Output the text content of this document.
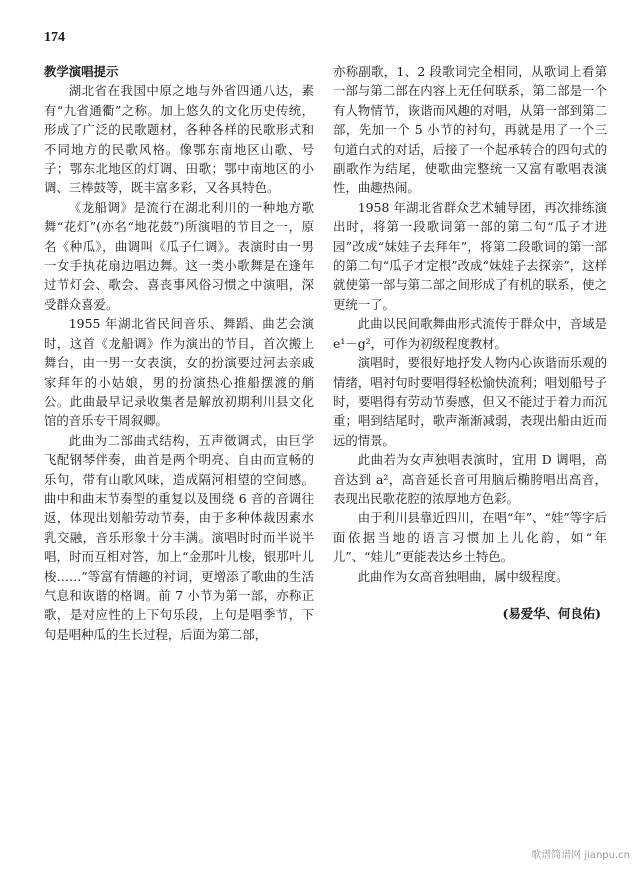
174

教学演唱提示

湖北省在我国中原之地与外省四通八达，素有“九省通衢”之称。加上悠久的文化历史传统，形成了广泛的民歌题材，各种各样的民歌形式和不同地方的民歌风格。像鄂东南地区山歌、号子；鄂东北地区的灯调、田歌；鄂中南地区的小调、三棒鼓等，既丰富多彩，又各具特色。

《龙船调》是流行在湖北利川的一种地方歌舞“花灯”(亦名“地花鼓”)所演唱的节目之一，原名《种瓜》，曲调叫《瓜子仁调》。表演时由一男一女手执花扇边唱边舞。这一类小歌舞是在逢年过节灯会、歌会、喜丧事风俗习惯之中演唱，深受群众喜爱。

1955 年湖北省民间音乐、舞蹈、曲艺会演时，这首《龙船调》作为演出的节目，首次搬上舞台，由一男一女表演，女的扮演要过河去亲戚家拜年的小姑娘，男的扮演热心推船摆渡的艄公。此曲最早记录收集者是解放初期利川县文化馆的音乐专干周叙卿。

此曲为二部曲式结构，五声徵调式，由巨学飞配钢琴伴奏，曲首是两个明亮、自由而宣畅的乐句，带有山歌风味，造成隔河相望的空间感。曲中和曲末节奏型的重复以及围绕 6 音的音调往返，体现出划船劳动节奏，由于多种体裁因素水乳交融，音乐形象十分丰满。演唱时时而半说半唱，时而互相对答，加上“金那叶儿梭，银那叶儿梭……”等富有情趣的衬词，更增添了歌曲的生活气息和诙谐的格调。前 7 小节为第一部，亦称正歌，是对应性的上下句乐段，上句是唱季节，下句是唱种瓜的生长过程，后面为第二部，

亦称副歌，1、2 段歌词完全相同，从歌词上看第一部与第二部在内容上无任何联系，第二部是一个有人物情节，诙谐而风趣的对唱，从第一部到第二部，先加一个 5 小节的衬句，再就是用了一个三句道白式的对话，后接了一个起承转合的四句式的副歌作为结尾，使歌曲完整统一又富有歌唱表演性，曲趣热闹。

1958 年湖北省群众艺术辅导团，再次排练演出时，将第一段歌词第一部的第二句“瓜子才进园”改成“妹娃子去拜年”，将第二段歌词的第一部的第二句“瓜子才定根”改成“妹娃子去探亲”，这样就使第一部与第二部之间形成了有机的联系，使之更统一了。

此曲以民间歌舞曲形式流传于群众中，音域是 e¹－g²，可作为初级程度教材。

演唱时，要很好地抒发人物内心诙谐而乐观的情绪，唱衬句时要唱得轻松愉快流利；唱划船号子时，要唱得有劳动节奏感，但又不能过于着力而沉重；唱到结尾时，歌声渐渐减弱，表现出船由近而远的情景。

此曲若为女声独唱表演时，宜用 D 调唱，高音达到 a²，高音延长音可用脑后椭胯唱出高音，表现出民歌花腔的浓厚地方色彩。

由于利川县靠近四川，在唱“年”、“娃”等字后面依据当地的语言习惯加上儿化韵，如“年儿”、“娃儿”更能表达乡土特色。

此曲作为女高音独唱曲，属中级程度。

(易爱华、何良佑)

歌谱简谱网 jianpu.cn
